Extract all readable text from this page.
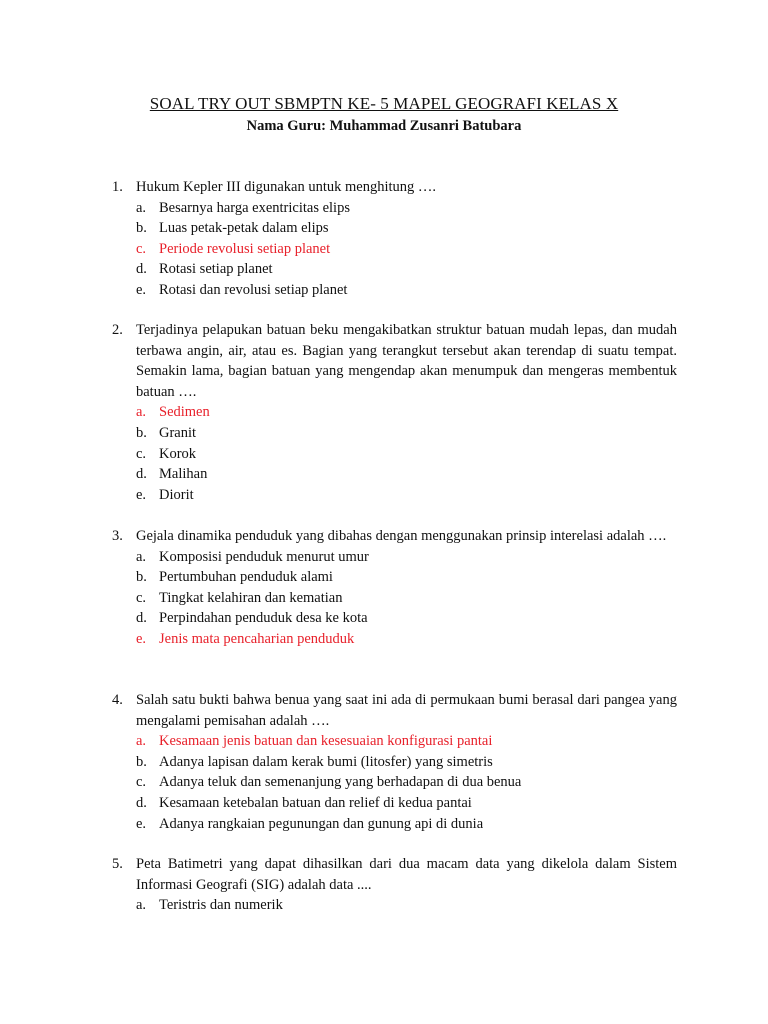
SOAL TRY OUT SBMPTN KE- 5 MAPEL GEOGRAFI KELAS X
Nama Guru: Muhammad Zusanri Batubara
1. Hukum Kepler III digunakan untuk menghitung ….
a. Besarnya harga exentricitas elips
b. Luas petak-petak dalam elips
c. Periode revolusi setiap planet
d. Rotasi setiap planet
e. Rotasi dan revolusi setiap planet
2. Terjadinya pelapukan batuan beku mengakibatkan struktur batuan mudah lepas, dan mudah terbawa angin, air, atau es. Bagian yang terangkut tersebut akan terendap di suatu tempat. Semakin lama, bagian batuan yang mengendap akan menumpuk dan mengeras membentuk batuan ….
a. Sedimen
b. Granit
c. Korok
d. Malihan
e. Diorit
3. Gejala dinamika penduduk yang dibahas dengan menggunakan prinsip interelasi adalah ….
a. Komposisi penduduk menurut umur
b. Pertumbuhan penduduk alami
c. Tingkat kelahiran dan kematian
d. Perpindahan penduduk desa ke kota
e. Jenis mata pencaharian penduduk
4. Salah satu bukti bahwa benua yang saat ini ada di permukaan bumi berasal dari pangea yang mengalami pemisahan adalah ….
a. Kesamaan jenis batuan dan kesesuaian konfigurasi pantai
b. Adanya lapisan dalam kerak bumi (litosfer) yang simetris
c. Adanya teluk dan semenanjung yang berhadapan di dua benua
d. Kesamaan ketebalan batuan dan relief di kedua pantai
e. Adanya rangkaian pegunungan dan gunung api di dunia
5. Peta Batimetri yang dapat dihasilkan dari dua macam data yang dikelola dalam Sistem Informasi Geografi (SIG) adalah data ....
a. Teristris dan numerik
